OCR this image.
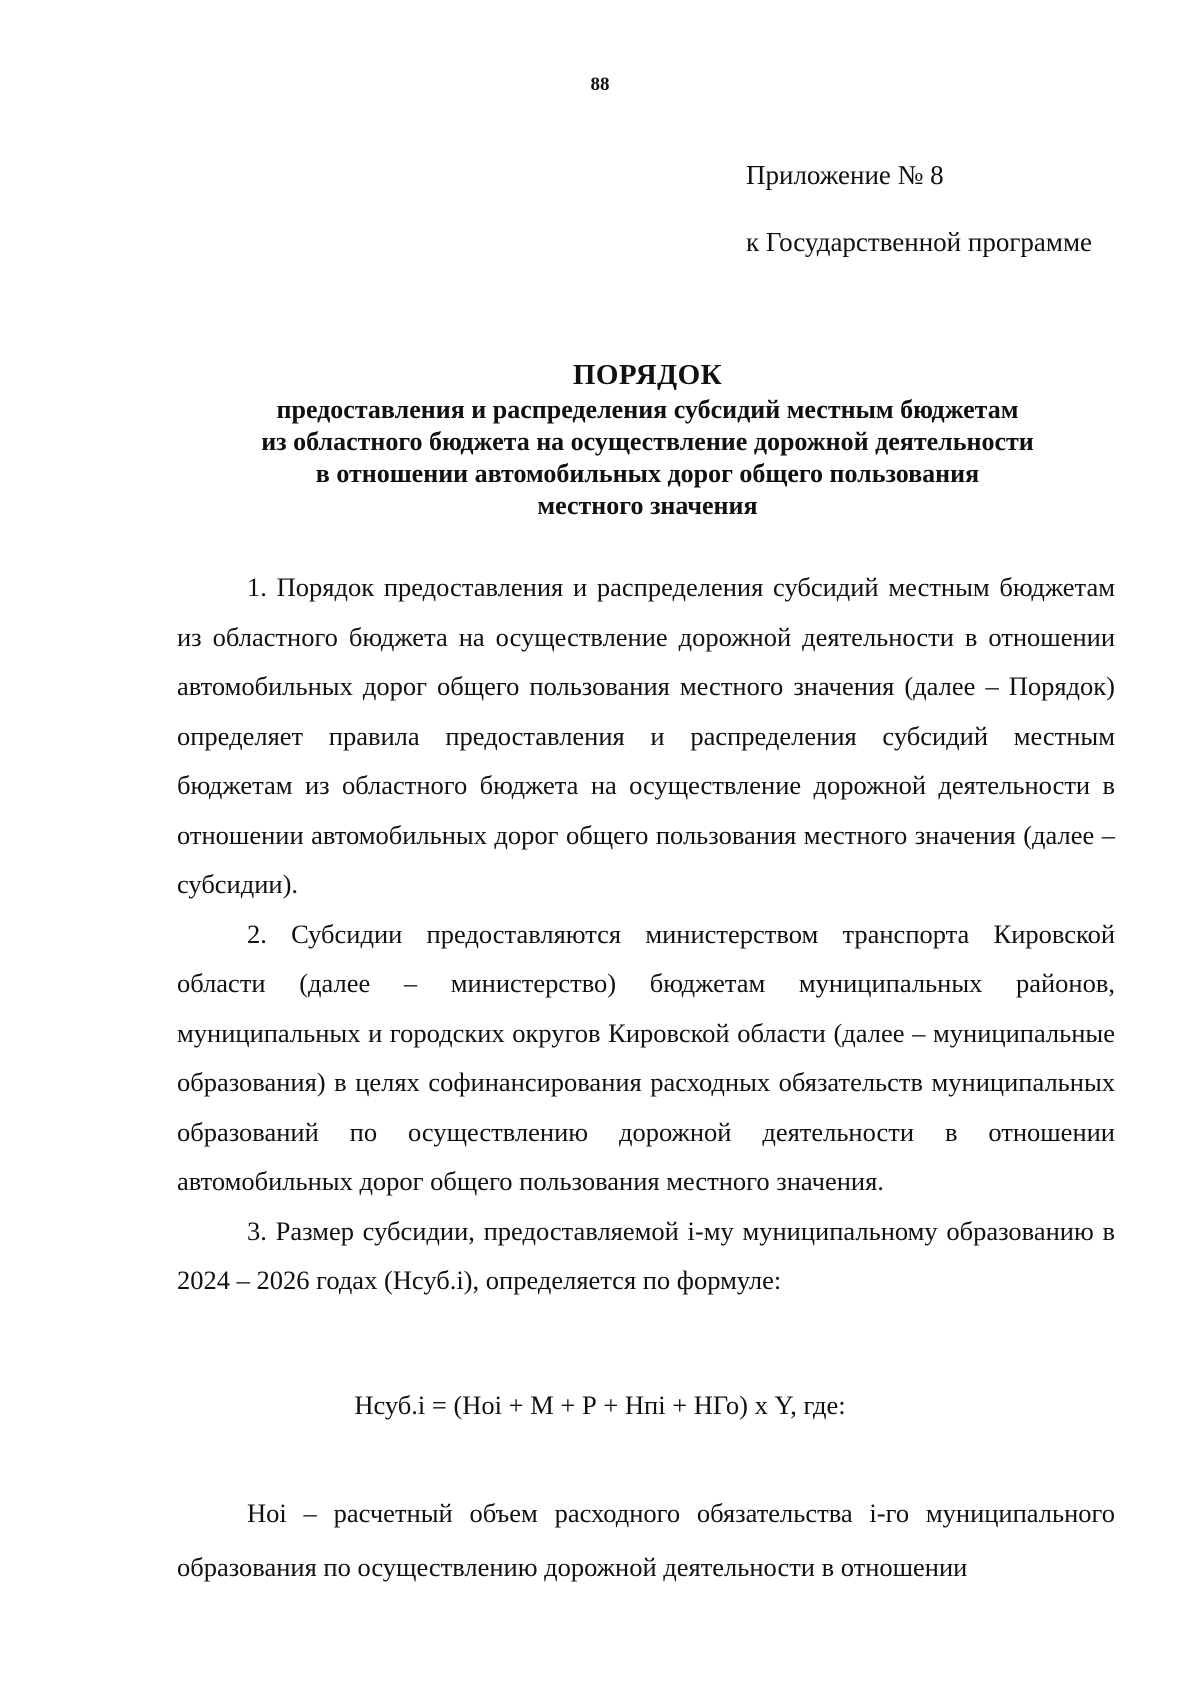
88
Приложение № 8
к Государственной программе
ПОРЯДОК
предоставления и распределения субсидий местным бюджетам
из областного бюджета на осуществление дорожной деятельности
в отношении автомобильных дорог общего пользования
местного значения

1. Порядок предоставления и распределения субсидий местным бюджетам из областного бюджета на осуществление дорожной деятельности в отношении автомобильных дорог общего пользования местного значения (далее – Порядок) определяет правила предоставления и распределения субсидий местным бюджетам из областного бюджета на осуществление дорожной деятельности в отношении автомобильных дорог общего пользования местного значения (далее – субсидии).

2. Субсидии предоставляются министерством транспорта Кировской области (далее – министерство) бюджетам муниципальных районов, муниципальных и городских округов Кировской области (далее – муниципальные образования) в целях софинансирования расходных обязательств муниципальных образований по осуществлению дорожной деятельности в отношении автомобильных дорог общего пользования местного значения.

3. Размер субсидии, предоставляемой i-му муниципальному образованию в 2024 – 2026 годах (Нсуб.i), определяется по формуле:

Нсуб.i = (Нoi + М + Р + Нпi + НГо) х Y, где:

Нoi – расчетный объем расходного обязательства i-го муниципального образования по осуществлению дорожной деятельности в отношении
